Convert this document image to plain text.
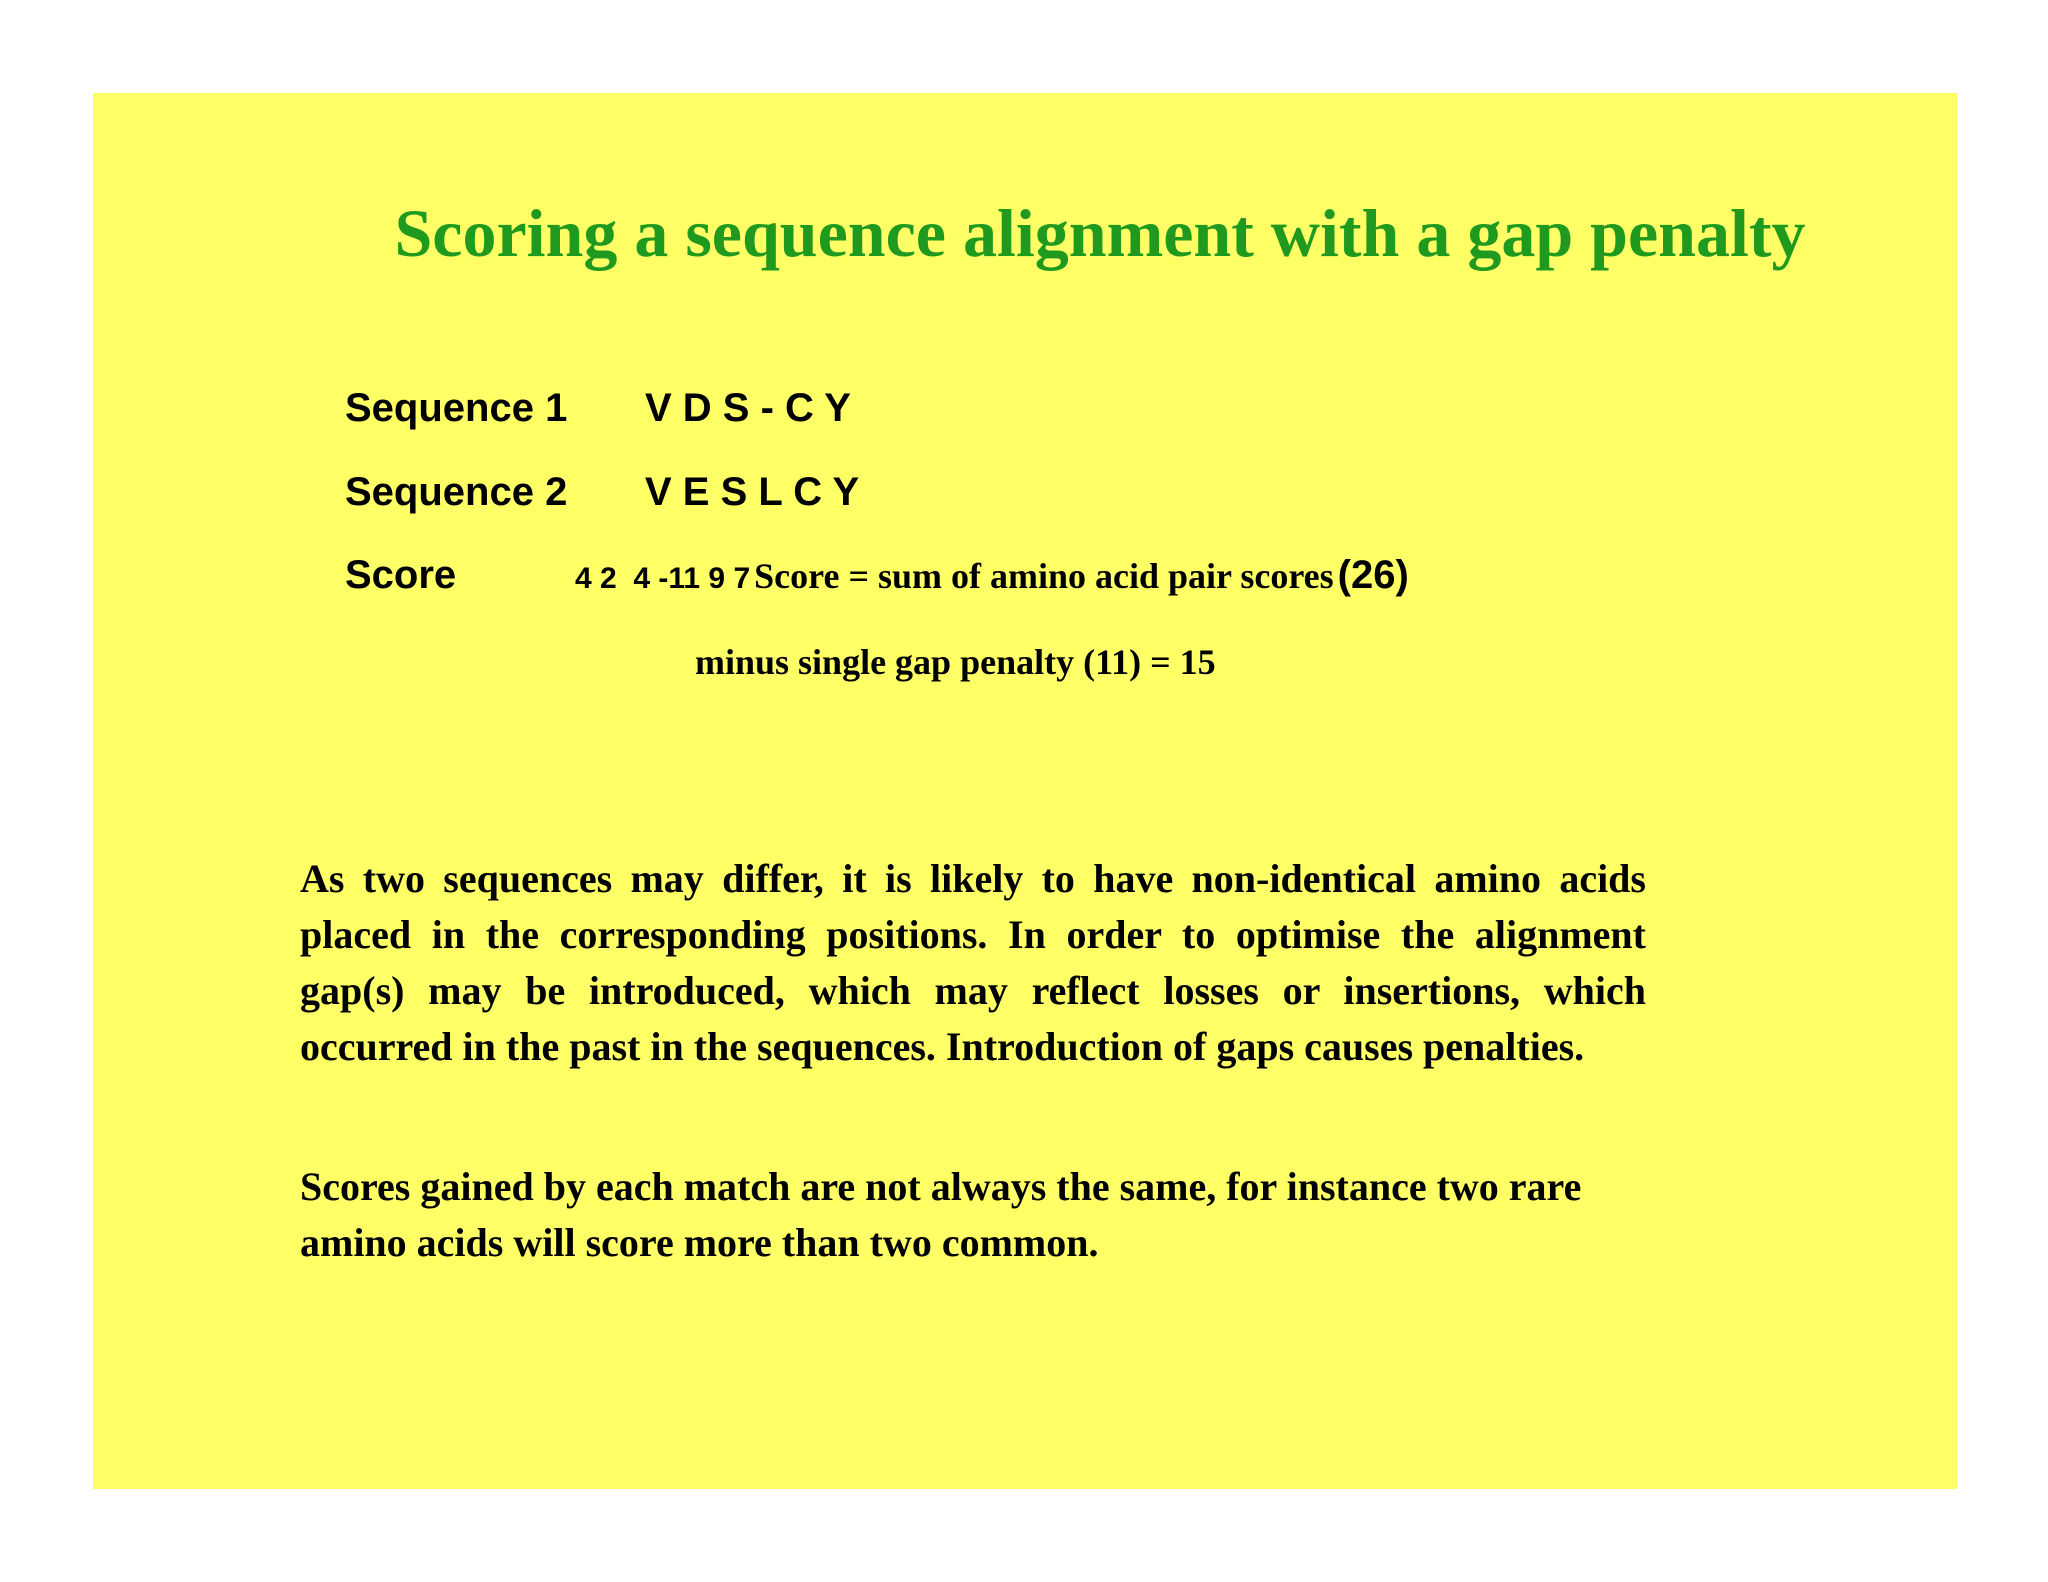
Scoring a sequence alignment with a gap penalty
Sequence 1 V D S - C Y
Sequence 2 V E S L C Y
Score	4 2  4 -11 9 7 Score = sum of amino acid pair scores (26)
minus single gap penalty (11) = 15

As two sequences may differ, it is likely to have non-identical amino acids placed in the corresponding positions. In order to optimise the alignment gap(s) may be introduced, which may reflect losses or insertions, which occurred in the past in the sequences. Introduction of gaps causes penalties.

Scores gained by each match are not always the same, for instance two rare amino acids will score more than two common.
